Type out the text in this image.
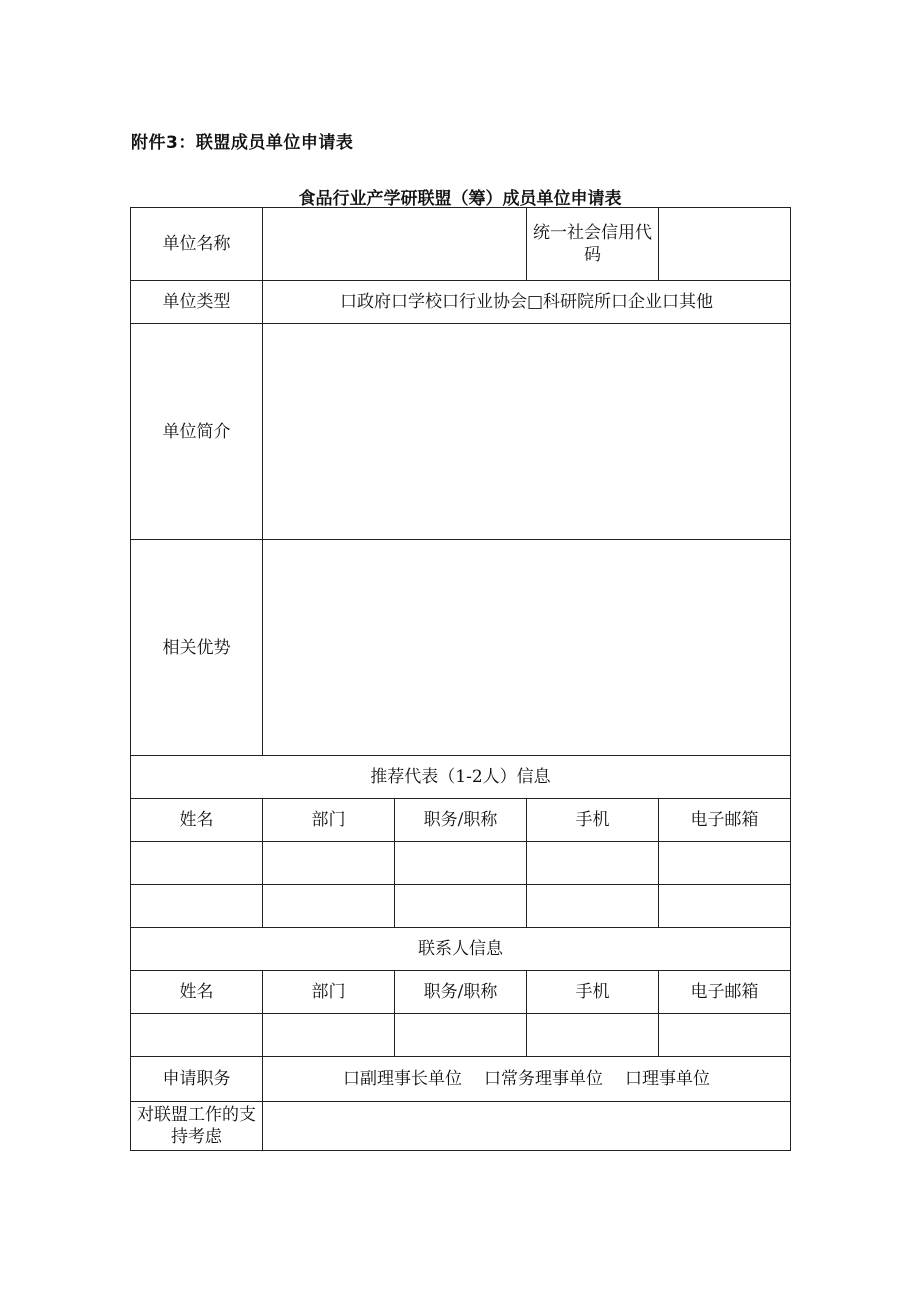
附件3：联盟成员单位申请表
食品行业产学研联盟（筹）成员单位申请表
单位名称			统一社会信用代码	
单位类型	口政府口学校口行业协会□科研院所口企业口其他			
单位简介				
相关优势				
推荐代表（1-2人）信息				
姓名	部门	职务/职称	手机	电子邮箱

联系人信息				
姓名	部门	职务/职称	手机	电子邮箱

申请职务	口副理事长单位 口常务理事单位 口理事单位			
对联盟工作的支持考虑				
